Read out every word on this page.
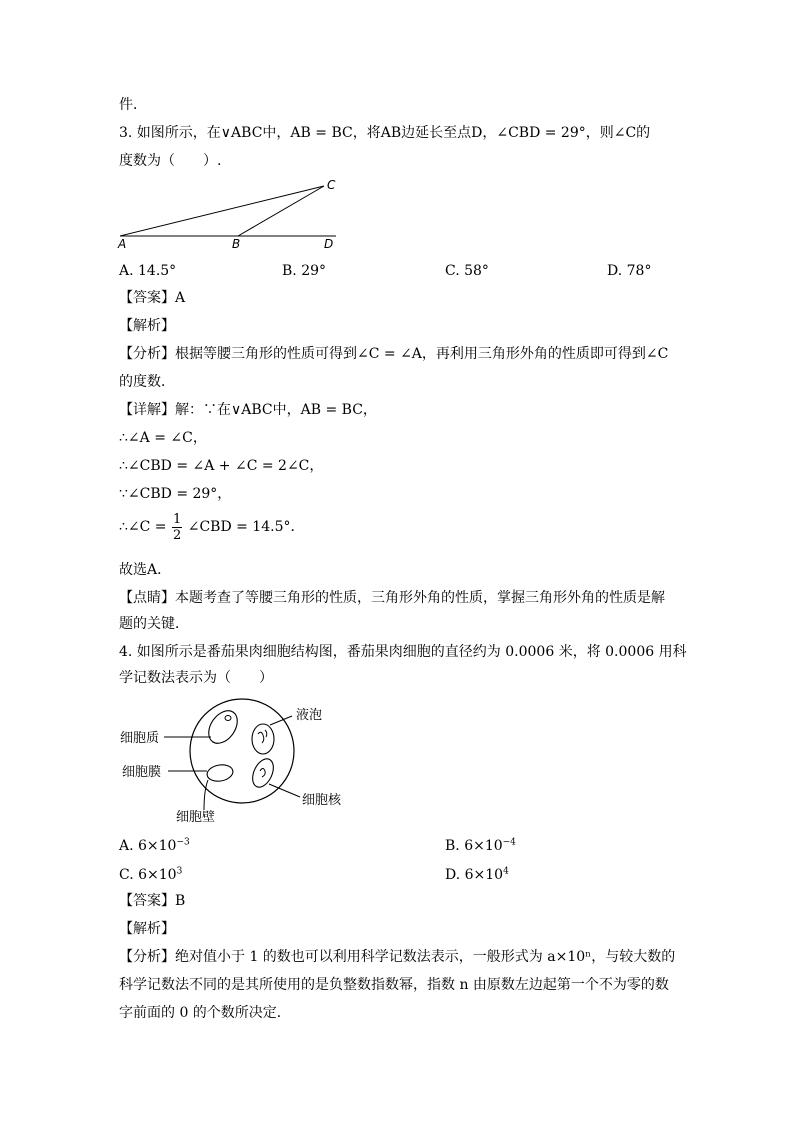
件．
3. 如图所示，在∨ABC中，AB = BC，将AB边延长至点D，∠CBD = 29°，则∠C的
度数为（　　）.
A	B
C
D
A. 14.5°	B. 29°	C. 58°	D. 78°
【答案】A
【解析】
【分析】根据等腰三角形的性质可得到∠C = ∠A，再利用三角形外角的性质即可得到∠C
的度数．
【详解】解：∵在∨ABC中，AB = BC，
∴∠A = ∠C，
∴∠CBD = ∠A + ∠C = 2∠C，
∵∠CBD = 29°，
∴∠C = $\frac{1}{2}$ ∠CBD = 14.5°．
故选A．
【点睛】本题考查了等腰三角形的性质，三角形外角的性质，掌握三角形外角的性质是解
题的关键．
4. 如图所示是番茄果肉细胞结构图，番茄果肉细胞的直径约为 0.0006 米，将 0.0006 用科
学记数法表示为（　　）
液泡
细胞质
细胞膜
细胞核
细胞壁
A. $6\times 10^{-3}$	B. $6\times 10^{-4}$
C. $6\times 10^3$	D. $6\times 10^4$
【答案】B
【解析】
【分析】绝对值小于 1 的数也可以利用科学记数法表示，一般形式为 a×10ⁿ，与较大数的
科学记数法不同的是其所使用的是负整数指数幂，指数 n 由原数左边起第一个不为零的数
字前面的 0 的个数所决定．
